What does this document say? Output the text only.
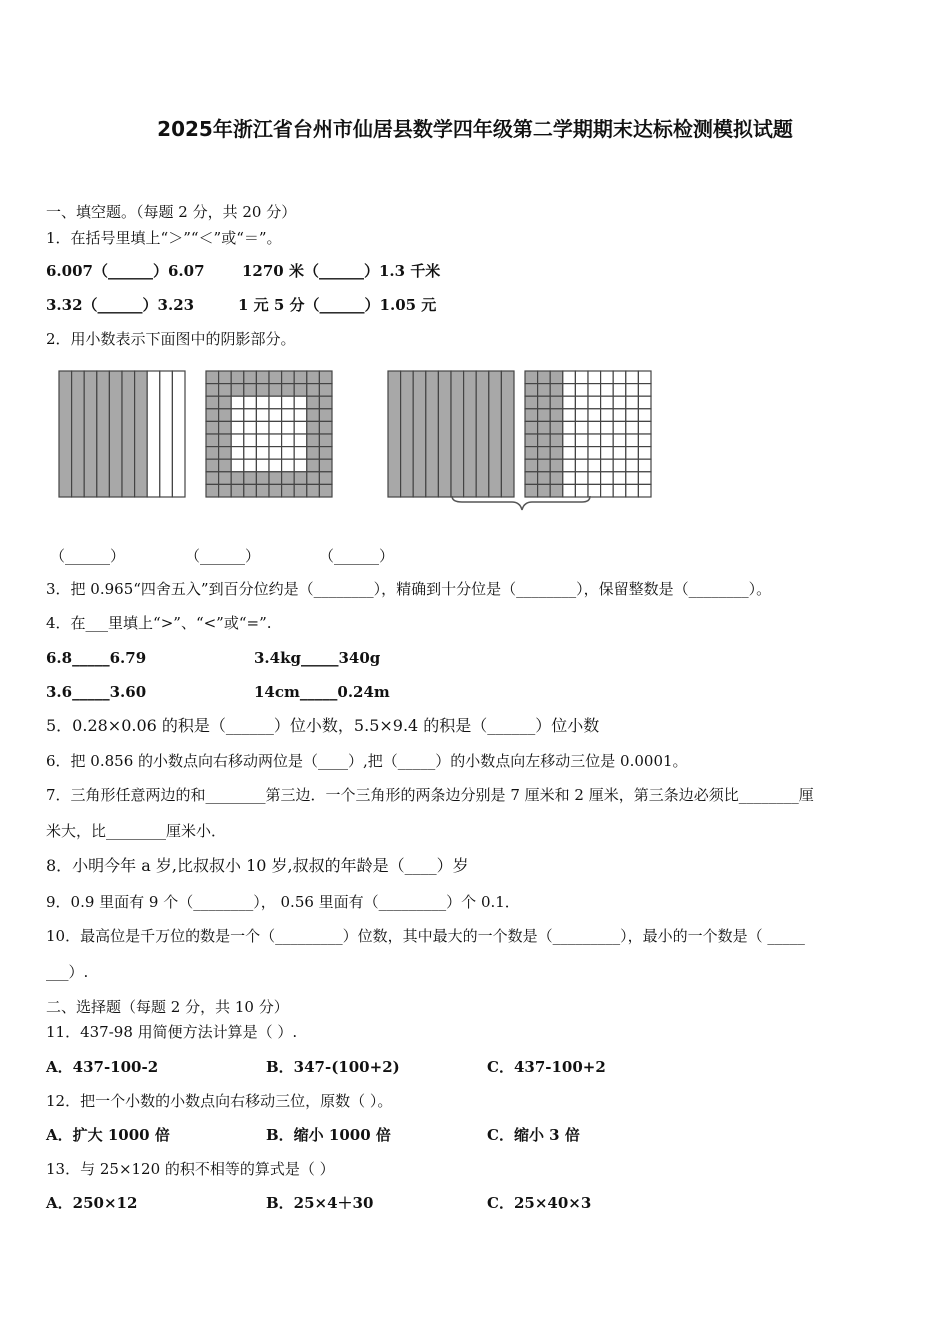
2025年浙江省台州市仙居县数学四年级第二学期期末达标检测模拟试题
一、填空题。（每题 2 分，共 20 分）
1．在括号里填上“＞”“＜”或“＝”。
6.007（______）6.07 1270 米（______）1.3 千米
3.32（______）3.23	1 元 5 分（______）1.05 元
2．用小数表示下面图中的阴影部分。
（______）	（______）	（______）
3．把 0.965“四舍五入”到百分位约是（________），精确到十分位是（________），保留整数是（________）。
4．在___里填上“>”、“<”或“=”.
6.8_____6.79	3.4kg_____340g
3.6_____3.60	14cm_____0.24m
5．0.28×0.06 的积是（______）位小数，5.5×9.4 的积是（______）位小数
6．把 0.856 的小数点向右移动两位是（____）,把（_____）的小数点向左移动三位是 0.0001。
7．三角形任意两边的和________第三边．一个三角形的两条边分别是 7 厘米和 2 厘米，第三条边必须比________厘
米大，比________厘米小．
8．小明今年 a 岁,比叔叔小 10 岁,叔叔的年龄是（____）岁
9．0.9 里面有 9 个（________）， 0.56 里面有（_________）个 0.1．
10．最高位是千万位的数是一个（_________）位数，其中最大的一个数是（_________），最小的一个数是（ _____
___）.
二、选择题（每题 2 分，共 10 分）
11．437-98 用简便方法计算是（ ）.
A．437-100-2	B．347-(100+2)	C．437-100+2
12．把一个小数的小数点向右移动三位，原数（ ）。
A．扩大 1000 倍	B．缩小 1000 倍	C．缩小 3 倍
13．与 25×120 的积不相等的算式是（ ）
A．250×12	B．25×4＋30	C．25×40×3
